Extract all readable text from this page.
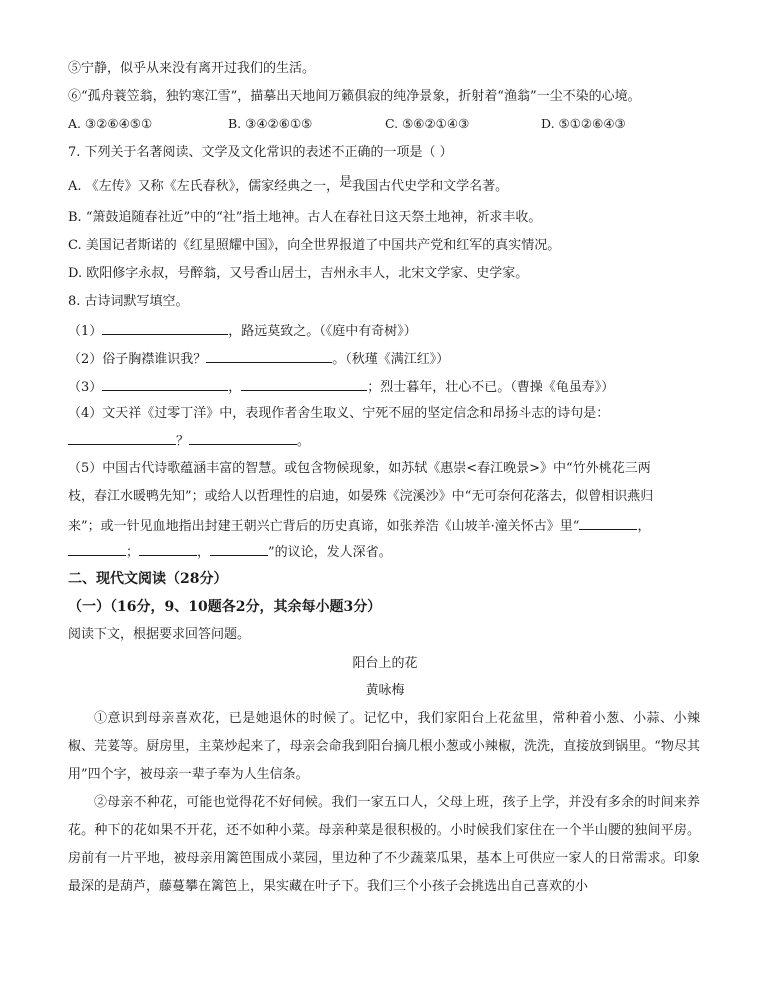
⑤宁静，似乎从来没有离开过我们的生活。
⑥“孤舟蓑笠翁，独钓寒江雪”，描摹出天地间万籁俱寂的纯净景象，折射着“渔翁”一尘不染的心境。
A. ③②⑥④⑤①	B. ③④②⑥①⑤	C. ⑤⑥②①④③	D. ⑤①②⑥④③
7. 下列关于名著阅读、文学及文化常识的表述不正确的一项是（ ）
A. 《左传》又称《左氏春秋》，儒家经典之一，是我国古代史学和文学名著。
B. “箫鼓追随春社近”中的“社”指土地神。古人在春社日这天祭土地神，祈求丰收。
C. 美国记者斯诺的《红星照耀中国》，向全世界报道了中国共产党和红军的真实情况。
D. 欧阳修字永叔，号醉翁，又号香山居士，吉州永丰人，北宋文学家、史学家。
8. 古诗词默写填空。
（1）	，路远莫致之。（《庭中有奇树》）
（2）俗子胸襟谁识我？	。（秋瑾《满江红》）
（3）	，	；烈士暮年，壮心不已。（曹操《龟虽寿》）
（4）文天祥《过零丁洋》中，表现作者舍生取义、宁死不屈的坚定信念和昂扬斗志的诗句是：
？	。
（5）中国古代诗歌蕴涵丰富的智慧。或包含物候现象，如苏轼《惠崇<春江晚景>》中“竹外桃花三两
枝，春江水暖鸭先知”；或给人以哲理性的启迪，如晏殊《浣溪沙》中“无可奈何花落去，似曾相识燕归
来”；或一针见血地指出封建王朝兴亡背后的历史真谛，如张养浩《山坡羊·潼关怀古》里“	，
；	，	”的议论，发人深省。
二、现代文阅读（28分）
（一）（16分，9、10题各2分，其余每小题3分）
阅读下文，根据要求回答问题。
阳台上的花
黄咏梅
①意识到母亲喜欢花，已是她退休的时候了。记忆中，我们家阳台上花盆里，常种着小葱、小蒜、小辣椒、芫荽等。厨房里，主菜炒起来了，母亲会命我到阳台摘几根小葱或小辣椒，洗洗，直接放到锅里。“物尽其用”四个字，被母亲一辈子奉为人生信条。
②母亲不种花，可能也觉得花不好伺候。我们一家五口人，父母上班，孩子上学，并没有多余的时间来养花。种下的花如果不开花，还不如种小菜。母亲种菜是很积极的。小时候我们家住在一个半山腰的独间平房。房前有一片平地，被母亲用篱笆围成小菜园，里边种了不少蔬菜瓜果，基本上可供应一家人的日常需求。印象最深的是葫芦，藤蔓攀在篱笆上，果实藏在叶子下。我们三个小孩子会挑选出自己喜欢的小
